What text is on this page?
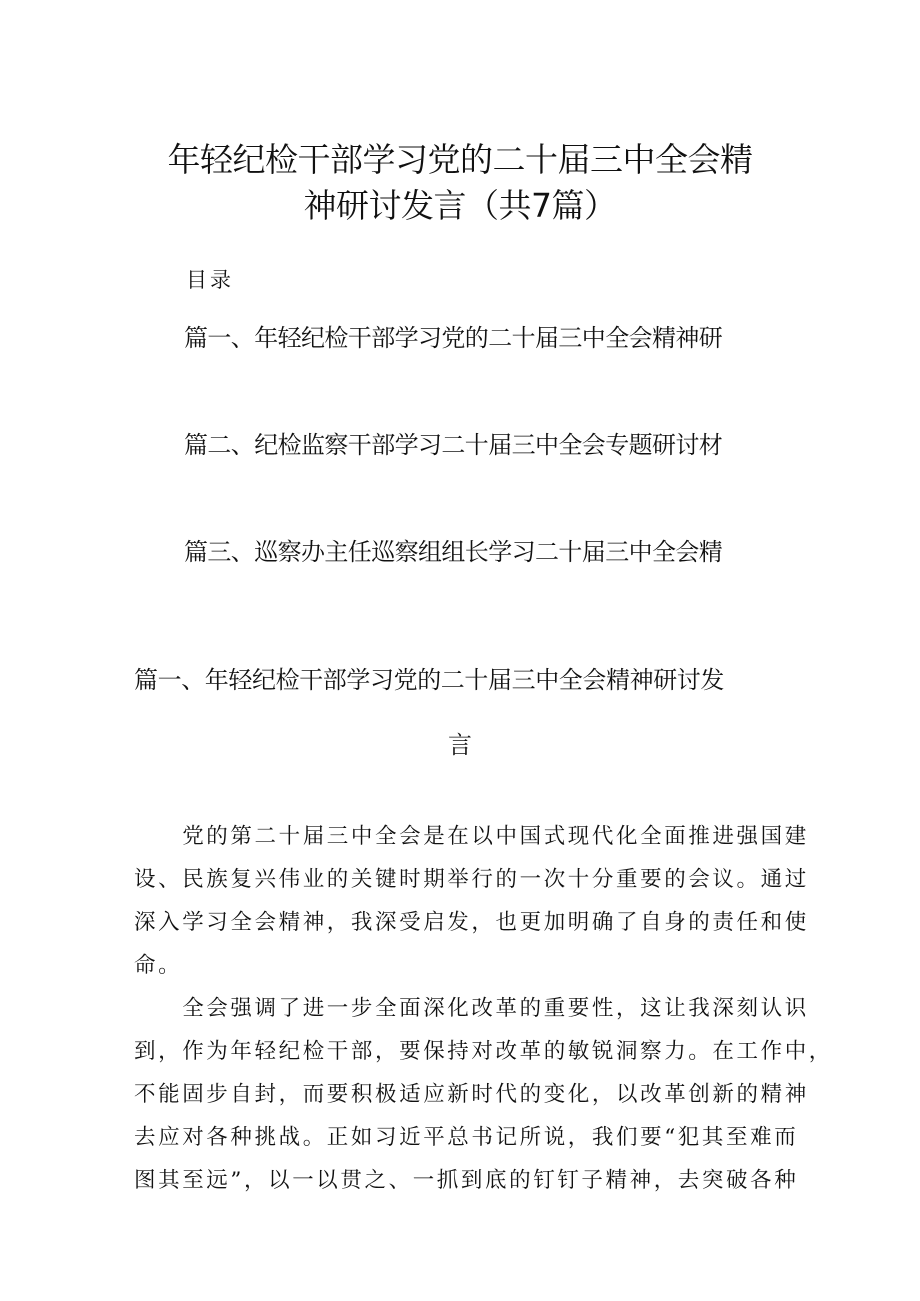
年轻纪检干部学习党的二十届三中全会精
神研讨发言（共7篇）
目录
篇一、年轻纪检干部学习党的二十届三中全会精神研
篇二、纪检监察干部学习二十届三中全会专题研讨材
篇三、巡察办主任巡察组组长学习二十届三中全会精
篇一、年轻纪检干部学习党的二十届三中全会精神研讨发
言
　　党的第二十届三中全会是在以中国式现代化全面推进强国建
设、民族复兴伟业的关键时期举行的一次十分重要的会议。通过
深入学习全会精神，我深受启发，也更加明确了自身的责任和使
命。
　　全会强调了进一步全面深化改革的重要性，这让我深刻认识
到，作为年轻纪检干部，要保持对改革的敏锐洞察力。在工作中，
不能固步自封，而要积极适应新时代的变化，以改革创新的精神
去应对各种挑战。正如习近平总书记所说，我们要“犯其至难而
图其至远”，以一以贯之、一抓到底的钉钉子精神，去突破各种
